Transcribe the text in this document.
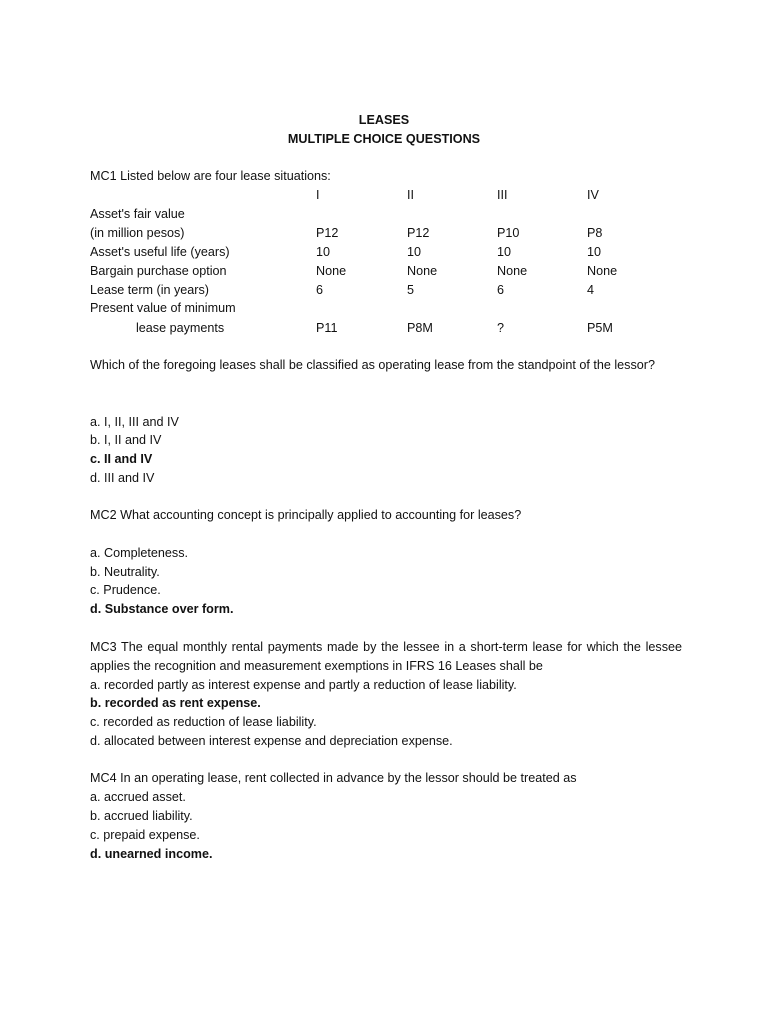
LEASES
MULTIPLE CHOICE QUESTIONS
MC1 Listed below are four lease situations:
I	II	III	IV
Asset's fair value
(in million pesos)	P12	P12	P10	P8
Asset's useful life (years)	10	10	10	10
Bargain purchase option	None	None	None	None
Lease term (in years)	6	5	6	4
Present value of minimum
lease payments	P11	P8M	?	P5M
Which of the foregoing leases shall be classified as operating lease from the standpoint of the lessor?
a. I, II, III and IV
b. I, II and IV
c. II and IV
d. III and IV
MC2 What accounting concept is principally applied to accounting for leases?
a. Completeness.
b. Neutrality.
c. Prudence.
d. Substance over form.
MC3 The equal monthly rental payments made by the lessee in a short-term lease for which the lessee applies the recognition and measurement exemptions in IFRS 16 Leases shall be
a. recorded partly as interest expense and partly a reduction of lease liability.
b. recorded as rent expense.
c. recorded as reduction of lease liability.
d. allocated between interest expense and depreciation expense.
MC4 In an operating lease, rent collected in advance by the lessor should be treated as
a. accrued asset.
b. accrued liability.
c. prepaid expense.
d. unearned income.
